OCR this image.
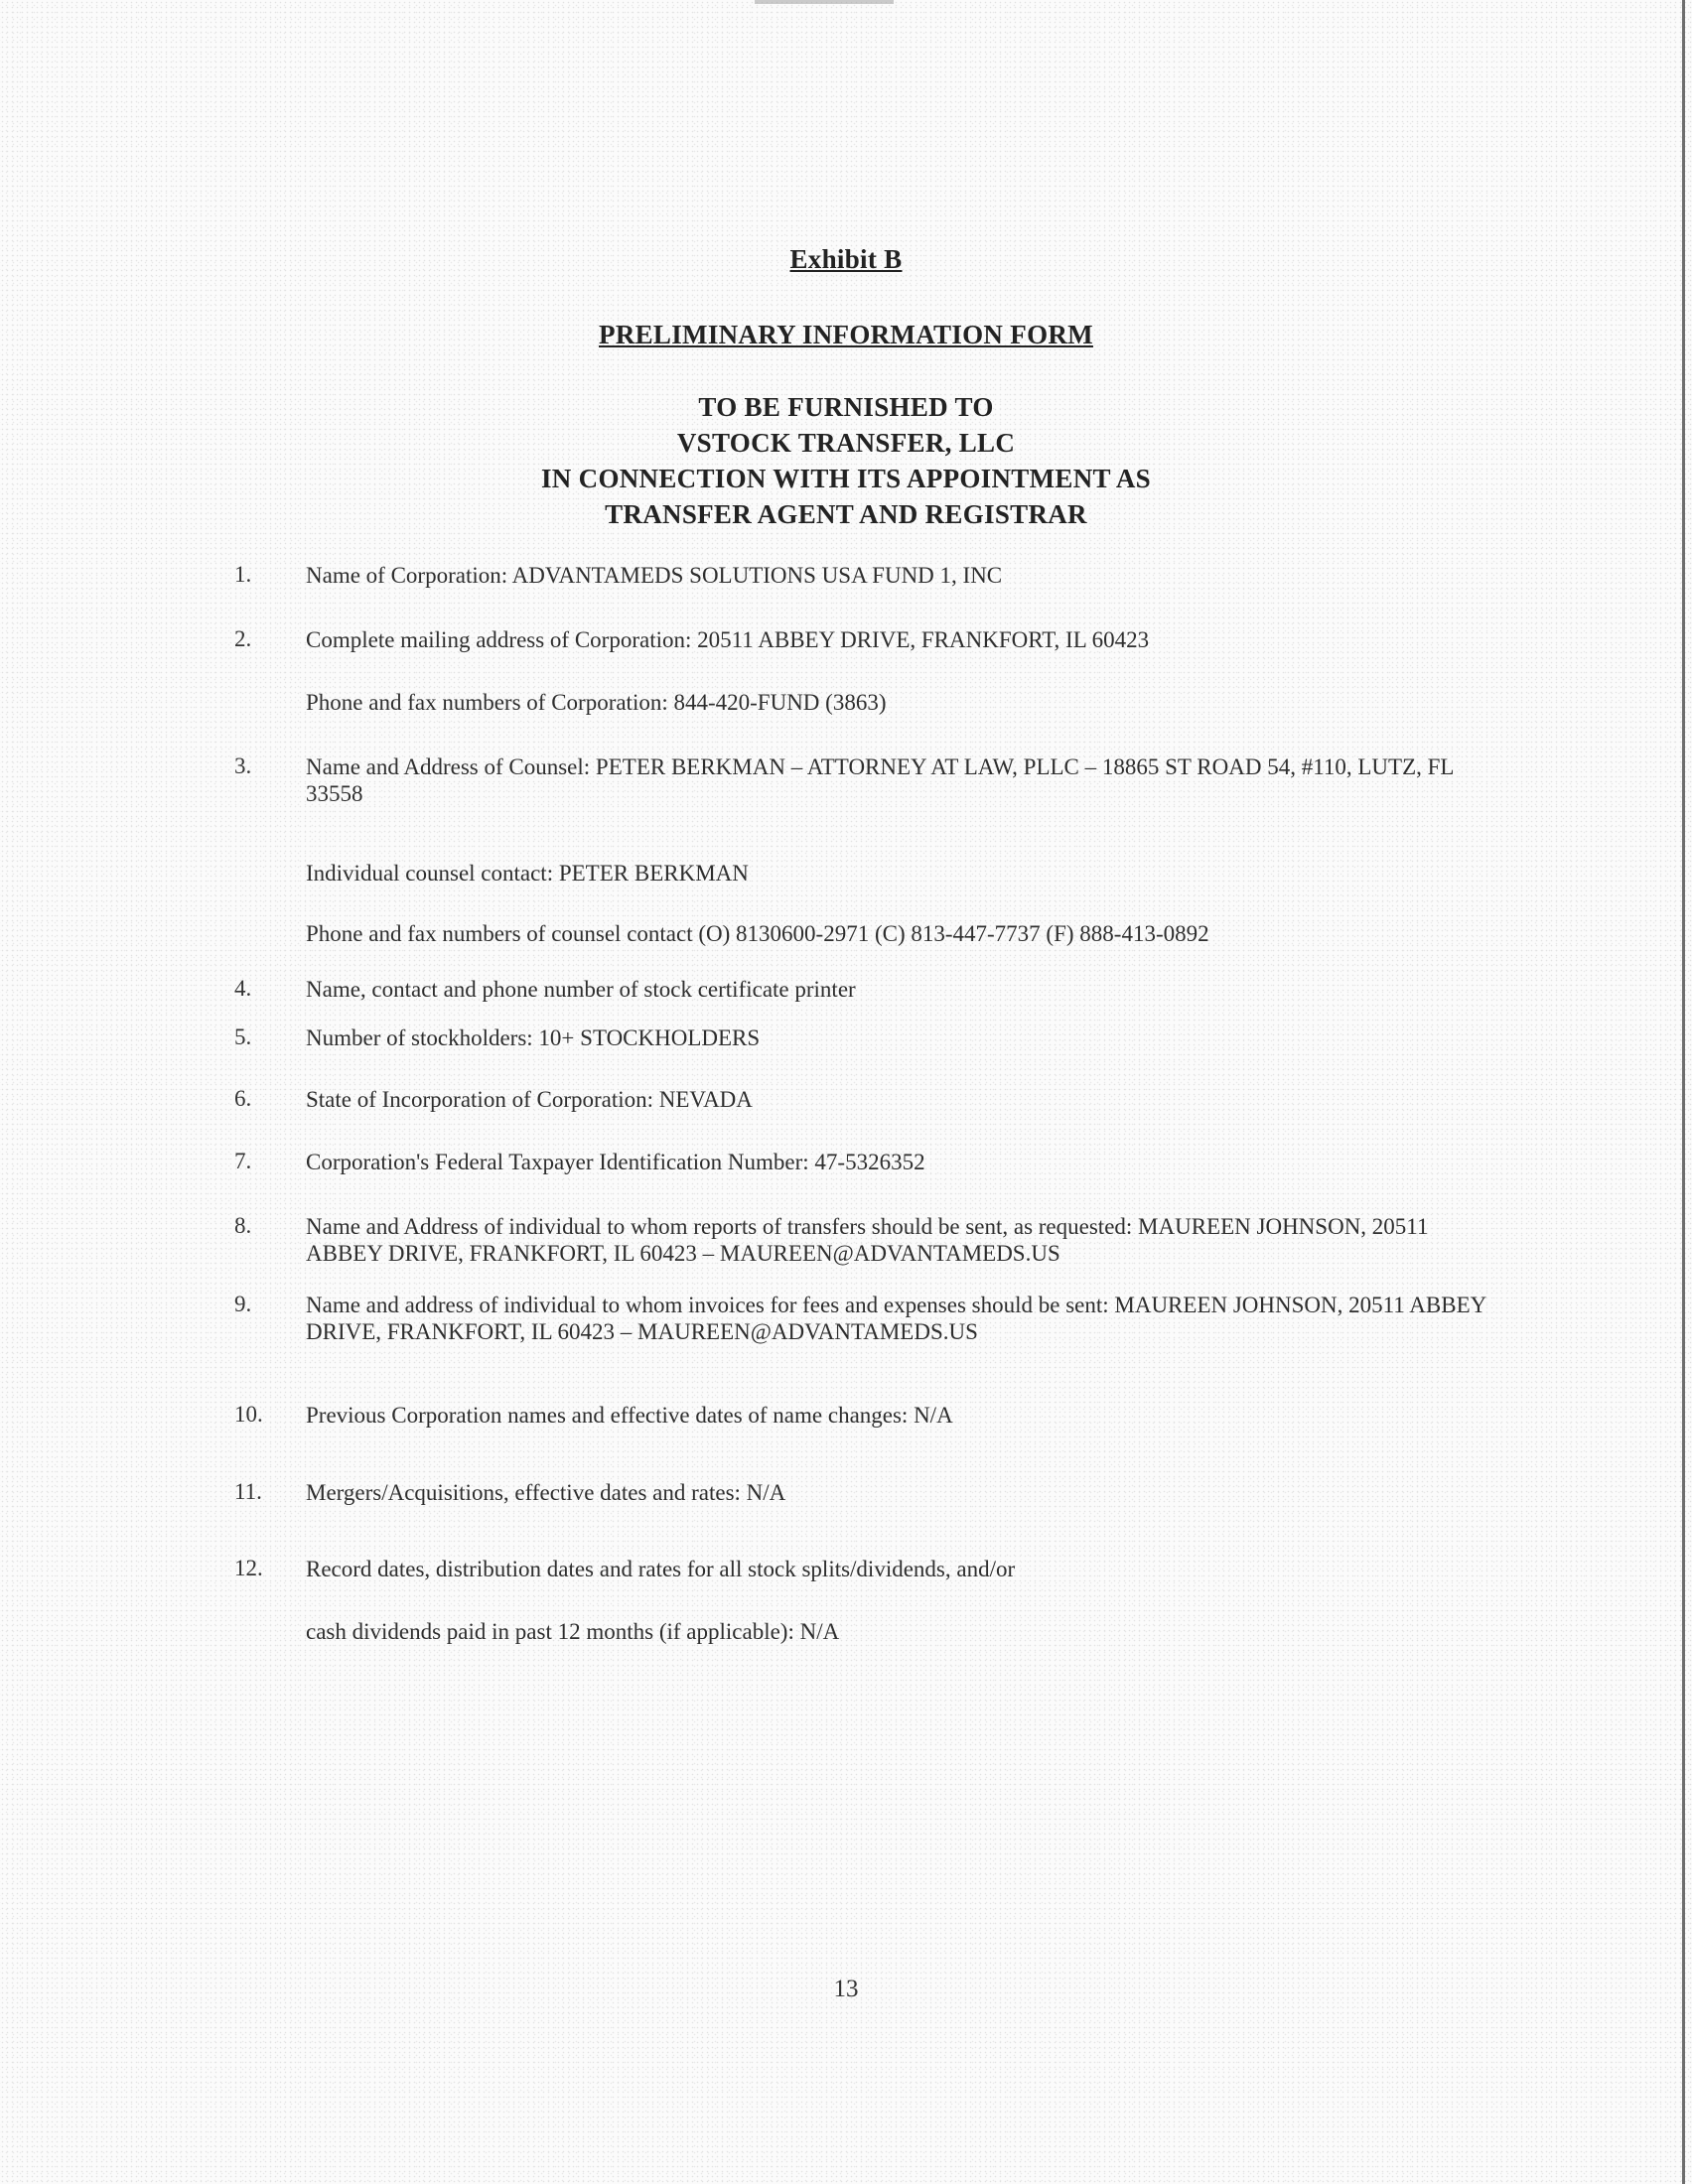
Exhibit B
PRELIMINARY INFORMATION FORM
TO BE FURNISHED TO
VSTOCK TRANSFER, LLC
IN CONNECTION WITH ITS APPOINTMENT AS
TRANSFER AGENT AND REGISTRAR
1. Name of Corporation: ADVANTAMEDS SOLUTIONS USA FUND 1, INC
2. Complete mailing address of Corporation: 20511 ABBEY DRIVE, FRANKFORT, IL 60423
Phone and fax numbers of Corporation: 844-420-FUND (3863)
3. Name and Address of Counsel: PETER BERKMAN – ATTORNEY AT LAW, PLLC – 18865 ST ROAD 54, #110, LUTZ, FL 33558
Individual counsel contact: PETER BERKMAN
Phone and fax numbers of counsel contact (O) 8130600-2971 (C) 813-447-7737 (F) 888-413-0892
4. Name, contact and phone number of stock certificate printer
5. Number of stockholders: 10+ STOCKHOLDERS
6. State of Incorporation of Corporation: NEVADA
7. Corporation's Federal Taxpayer Identification Number: 47-5326352
8. Name and Address of individual to whom reports of transfers should be sent, as requested: MAUREEN JOHNSON, 20511 ABBEY DRIVE, FRANKFORT, IL 60423 – MAUREEN@ADVANTAMEDS.US
9. Name and address of individual to whom invoices for fees and expenses should be sent: MAUREEN JOHNSON, 20511 ABBEY DRIVE, FRANKFORT, IL 60423 – MAUREEN@ADVANTAMEDS.US
10. Previous Corporation names and effective dates of name changes: N/A
11. Mergers/Acquisitions, effective dates and rates: N/A
12. Record dates, distribution dates and rates for all stock splits/dividends, and/or
cash dividends paid in past 12 months (if applicable): N/A
13
